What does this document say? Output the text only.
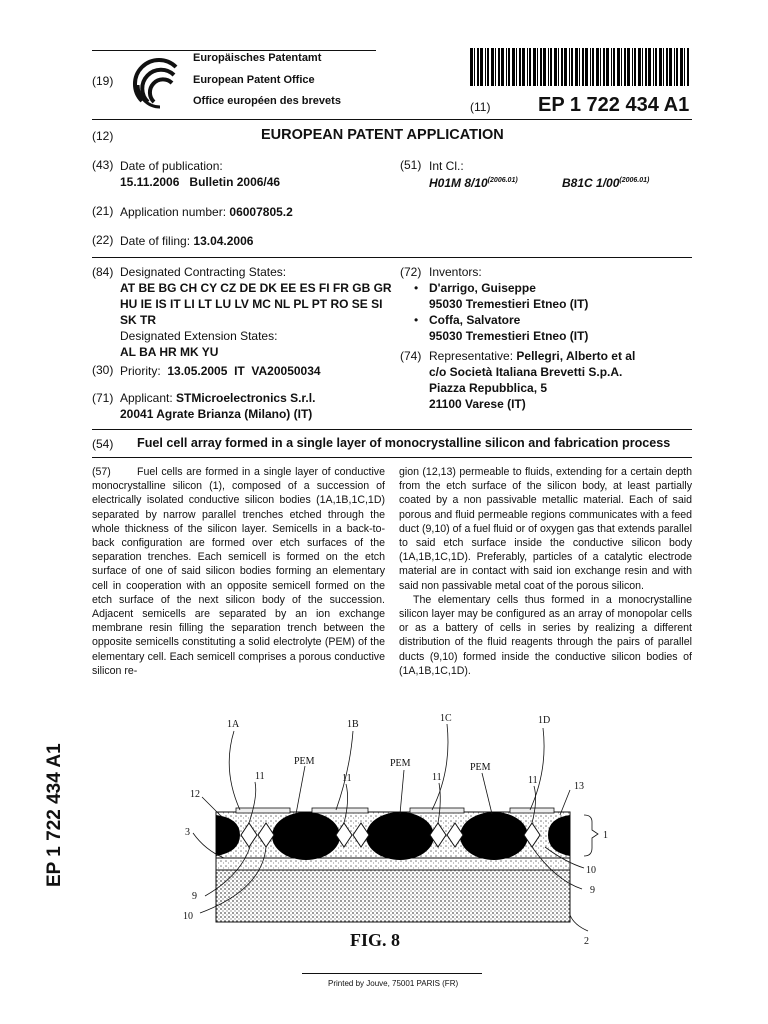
(19)
Europäisches Patentamt
European Patent Office
Office européen des brevets	(11) EP 1 722 434 A1
(12)	EUROPEAN PATENT APPLICATION
(43) Date of publication:
15.11.2006   Bulletin 2006/46
(51) Int Cl.:
H01M $8/10^{(2006.01)}$	B81C $1/00^{(2006.01)}$
(21) Application number: 06007805.2
(22) Date of filing: 13.04.2006
(84) Designated Contracting States:
AT BE BG CH CY CZ DE DK EE ES FI FR GB GR
HU IE IS IT LI LT LU LV MC NL PL PT RO SE SI
SK TR
Designated Extension States:
AL BA HR MK YU
(30) Priority: 13.05.2005  IT  VA20050034
(71) Applicant: STMicroelectronics S.r.l.
20041 Agrate Brianza (Milano) (IT)
(72) Inventors:
• D'arrigo, Guiseppe
95030 Tremestieri Etneo (IT)
• Coffa, Salvatore
95030 Tremestieri Etneo (IT)
(74) Representative: Pellegri, Alberto et al
c/o Società Italiana Brevetti S.p.A.
Piazza Repubblica, 5
21100 Varese (IT)
(54) Fuel cell array formed in a single layer of monocrystalline silicon and fabrication process

(57) Fuel cells are formed in a single layer of conductive monocrystalline silicon (1), composed of a succession of electrically isolated conductive silicon bodies (1A,1B,1C,1D) separated by narrow parallel trenches etched through the whole thickness of the silicon layer. Semicells in a back-to-back configuration are formed over etch surfaces of the separation trenches. Each semicell is formed on the etch surface of one of said silicon bodies forming an elementary cell in cooperation with an opposite semicell formed on the etch surface of the next silicon body of the succession. Adjacent semicells are separated by an ion exchange membrane resin filling the separation trench between the opposite semicells constituting a solid electrolyte (PEM) of the elementary cell. Each semicell comprises a porous conductive silicon re-

gion (12,13) permeable to fluids, extending for a certain depth from the etch surface of the silicon body, at least partially coated by a non passivable metallic material. Each of said porous and fluid permeable regions communicates with a feed duct (9,10) of a fuel fluid or of oxygen gas that extends parallel to said etch surface inside the conductive silicon body (1A,1B,1C,1D). Preferably, particles of a catalytic electrode material are in contact with said ion exchange resin and with said non passivable metal coat of the porous silicon.

The elementary cells thus formed in a monocrystalline silicon layer may be configured as an array of monopolar cells or as a battery of cells in series by realizing a different distribution of the fluid reagents through the pairs of parallel ducts (9,10) formed inside the conductive silicon bodies of (1A,1B,1C,1D).

1A	1B
1C	1D
PEM	PEM	PEM
11	11	11	11
12
13
3	1
9
10
10
9
2
FIG. 8
EP 1 722 434 A1
Printed by Jouve, 75001 PARIS (FR)
